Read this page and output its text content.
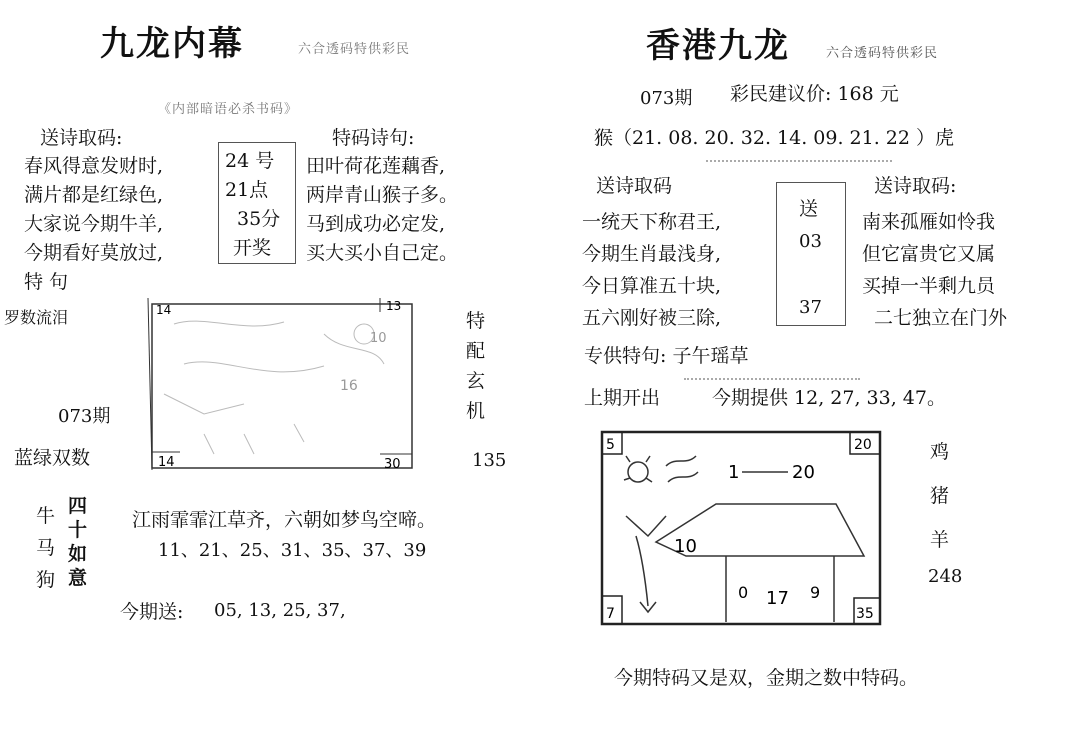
九龙内幕	六合透码特供彩民
《内部暗语必杀书码》
送诗取码:
春风得意发财时,
满片都是红绿色,
大家说今期牛羊,
今期看好莫放过,
24 号
21点
35分
开奖
特码诗句:
田叶荷花莲藕香,
两岸青山猴子多。
马到成功必定发,
买大买小自己定。
特 句
罗数流泪
073期
蓝绿双数
14	13
14	30
10
16
特
配
玄
机
135
牛
马
狗
四
十
如
意
江雨霏霏江草齐，六朝如梦鸟空啼。
11、21、25、31、35、37、39
今期送: 05, 13, 25, 37,
香港九龙	六合透码特供彩民
073期 彩民建议价: 168 元
猴（21. 08. 20. 32. 14. 09. 21. 22 ）虎
送诗取码	送诗取码:
一统天下称君王,
今期生肖最浅身,
今日算准五十块,
五六刚好被三除,
送
03
37
南来孤雁如怜我
但它富贵它又属
买掉一半剩九员
二七独立在门外
专供特句: 子午瑶草
上期开出	今期提供 12, 27, 33, 47。
5	20
7	35
1	20
10
0 17 9
鸡
猪
羊
248
今期特码又是双，金期之数中特码。
